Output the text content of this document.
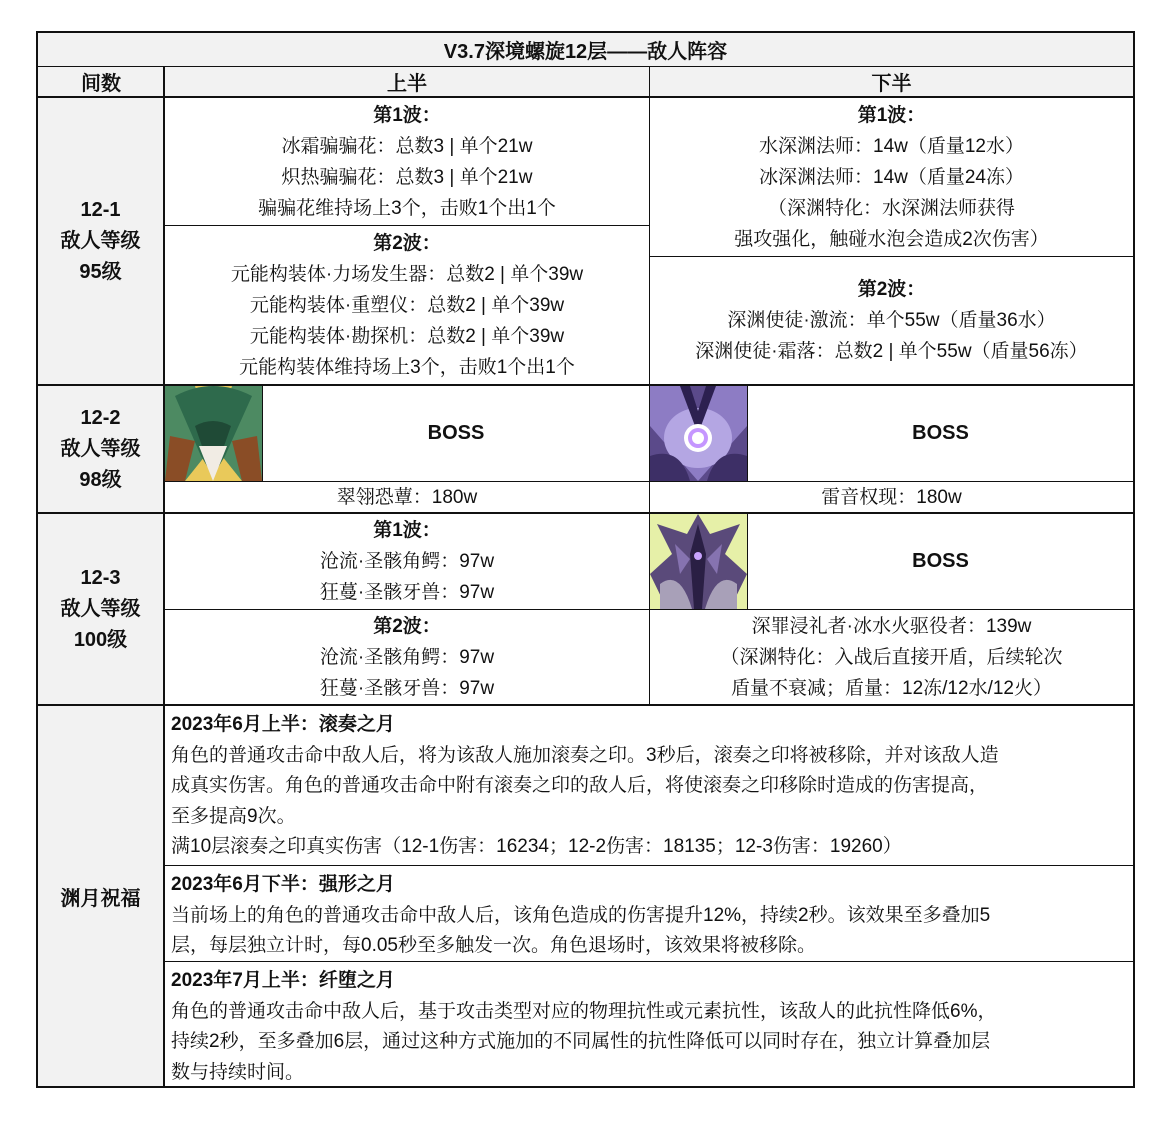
V3.7深境螺旋12层——敌人阵容
间数	上半	下半
12-1
敌人等级
95级
第1波：
冰霜骗骗花：总数3 | 单个21w
炽热骗骗花：总数3 | 单个21w
骗骗花维持场上3个，击败1个出1个
第2波：
元能构装体·力场发生器：总数2 | 单个39w
元能构装体·重塑仪：总数2 | 单个39w
元能构装体·勘探机：总数2 | 单个39w
元能构装体维持场上3个，击败1个出1个
第1波：
水深渊法师：14w（盾量12水）
冰深渊法师：14w（盾量24冻）
（深渊特化：水深渊法师获得
强攻强化，触碰水泡会造成2次伤害）
第2波：
深渊使徒·激流：单个55w（盾量36水）
深渊使徒·霜落：总数2 | 单个55w（盾量56冻）
12-2
敌人等级
98级
BOSS
翠翎恐蕈：180w
BOSS
雷音权现：180w
12-3
敌人等级
100级
第1波：
沧流·圣骸角鳄：97w
狂蔓·圣骸牙兽：97w
第2波：
沧流·圣骸角鳄：97w
狂蔓·圣骸牙兽：97w
BOSS
深罪浸礼者·冰水火驱役者：139w
（深渊特化：入战后直接开盾，后续轮次
盾量不衰减；盾量：12冻/12水/12火）
渊月祝福
2023年6月上半：滚奏之月
角色的普通攻击命中敌人后，将为该敌人施加滚奏之印。3秒后，滚奏之印将被移除，并对该敌人造
成真实伤害。角色的普通攻击命中附有滚奏之印的敌人后，将使滚奏之印移除时造成的伤害提高，
至多提高9次。
满10层滚奏之印真实伤害（12-1伤害：16234；12-2伤害：18135；12-3伤害：19260）
2023年6月下半：强形之月
当前场上的角色的普通攻击命中敌人后，该角色造成的伤害提升12%，持续2秒。该效果至多叠加5
层，每层独立计时，每0.05秒至多触发一次。角色退场时，该效果将被移除。
2023年7月上半：纤堕之月
角色的普通攻击命中敌人后，基于攻击类型对应的物理抗性或元素抗性，该敌人的此抗性降低6%，
持续2秒，至多叠加6层，通过这种方式施加的不同属性的抗性降低可以同时存在，独立计算叠加层
数与持续时间。
